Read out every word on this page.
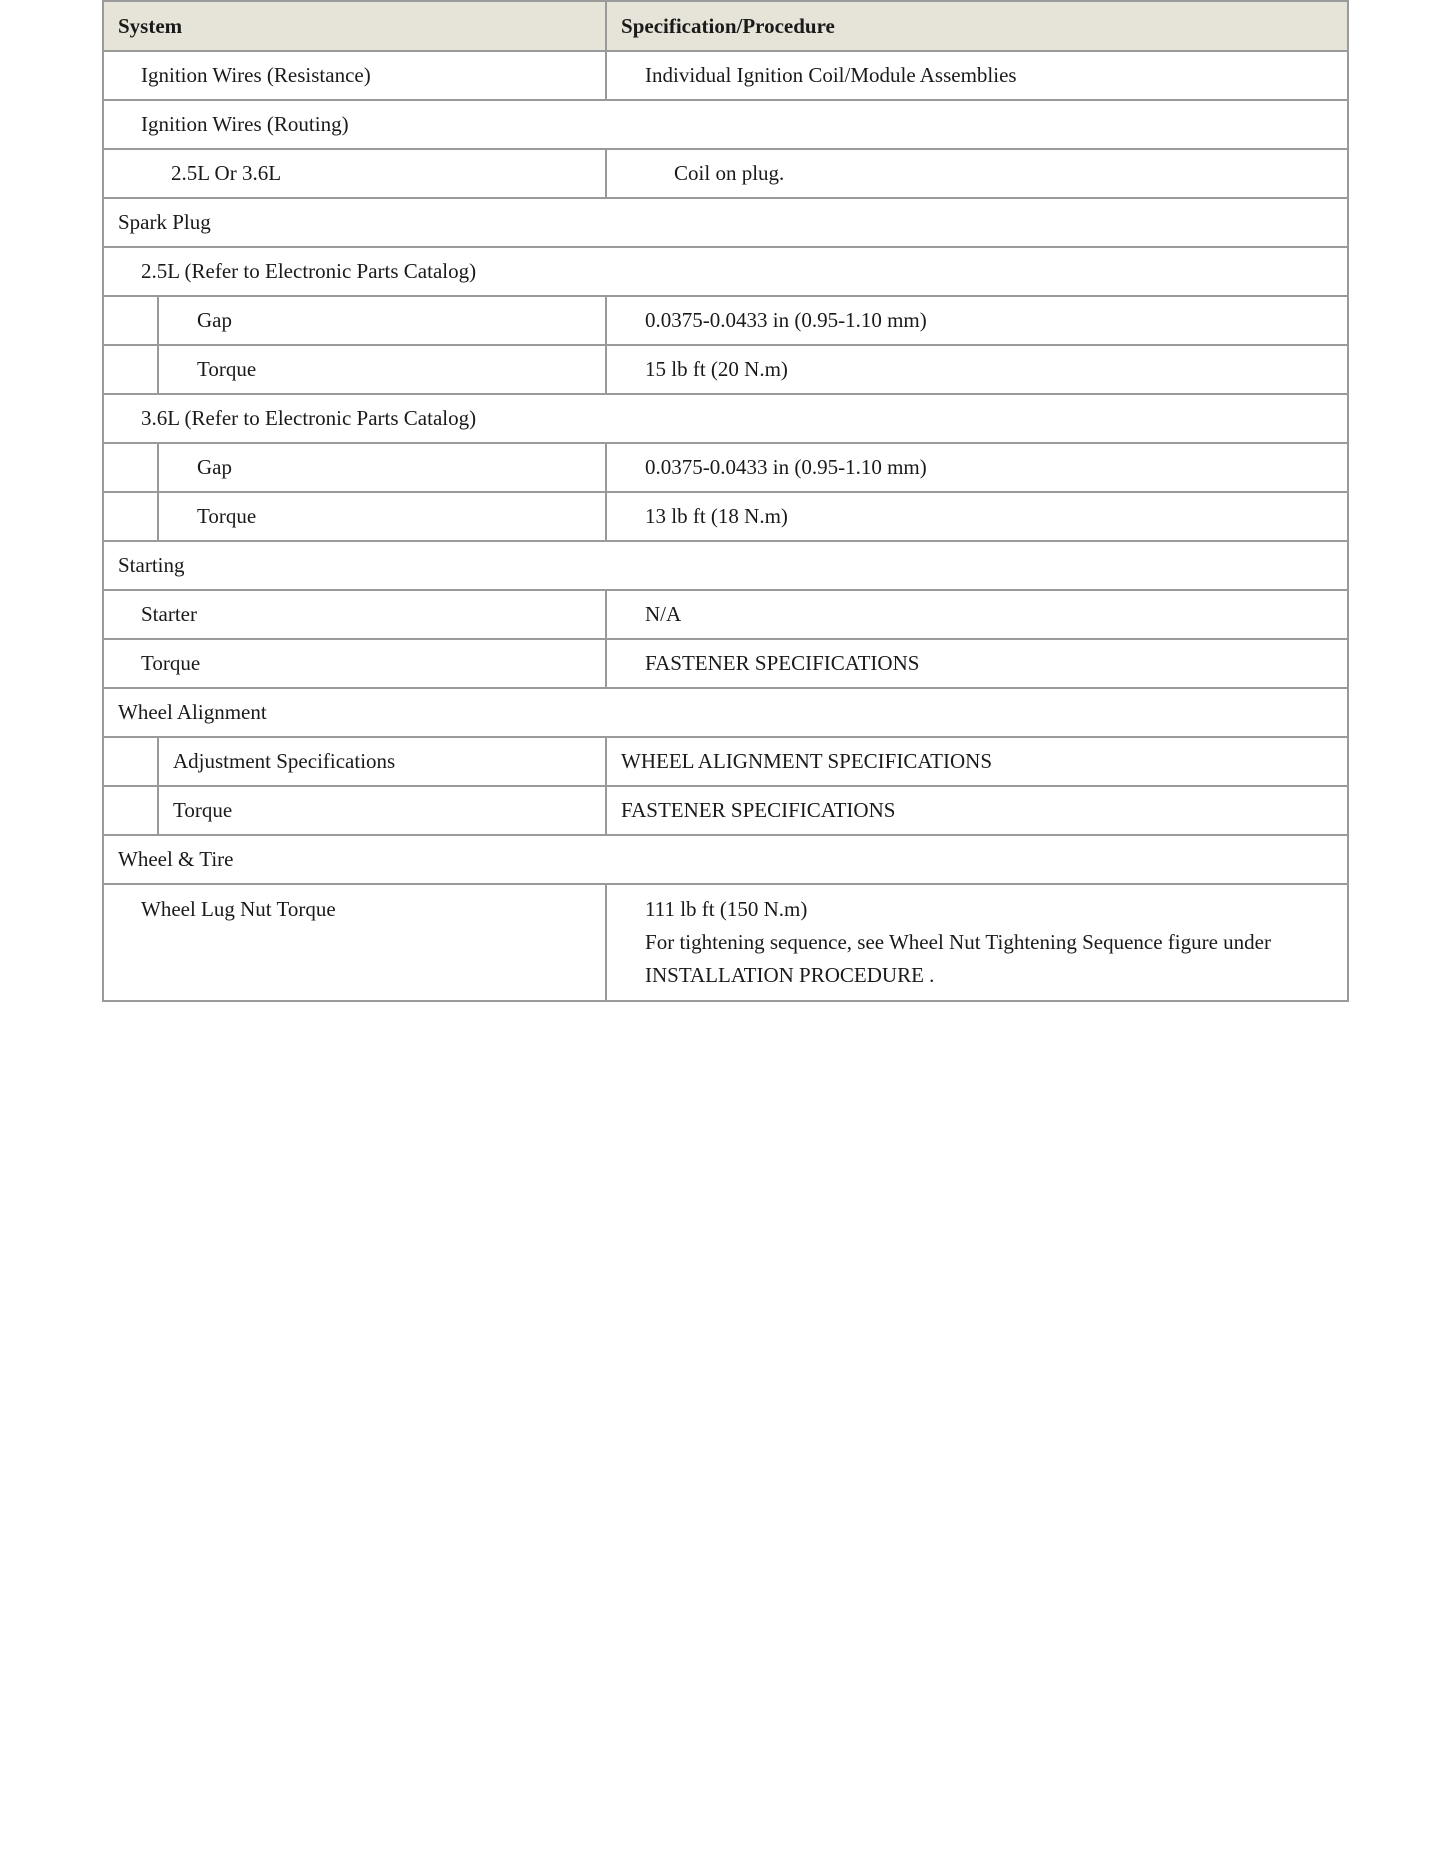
System		Specification/Procedure
Ignition Wires (Resistance)		Individual Ignition Coil/Module Assemblies
Ignition Wires (Routing)		
2.5L Or 3.6L		Coil on plug.
Spark Plug		
2.5L (Refer to Electronic Parts Catalog)		
	Gap	0.0375-0.0433 in (0.95-1.10 mm)
	Torque	15 lb ft (20 N.m)
3.6L (Refer to Electronic Parts Catalog)		
	Gap	0.0375-0.0433 in (0.95-1.10 mm)
	Torque	13 lb ft (18 N.m)
Starting		
Starter		N/A
Torque		FASTENER SPECIFICATIONS
Wheel Alignment		
	Adjustment Specifications	WHEEL ALIGNMENT SPECIFICATIONS
	Torque	FASTENER SPECIFICATIONS
Wheel & Tire		
Wheel Lug Nut Torque		111 lb ft (150 N.m)
For tightening sequence, see Wheel Nut Tightening Sequence figure under
INSTALLATION PROCEDURE .
